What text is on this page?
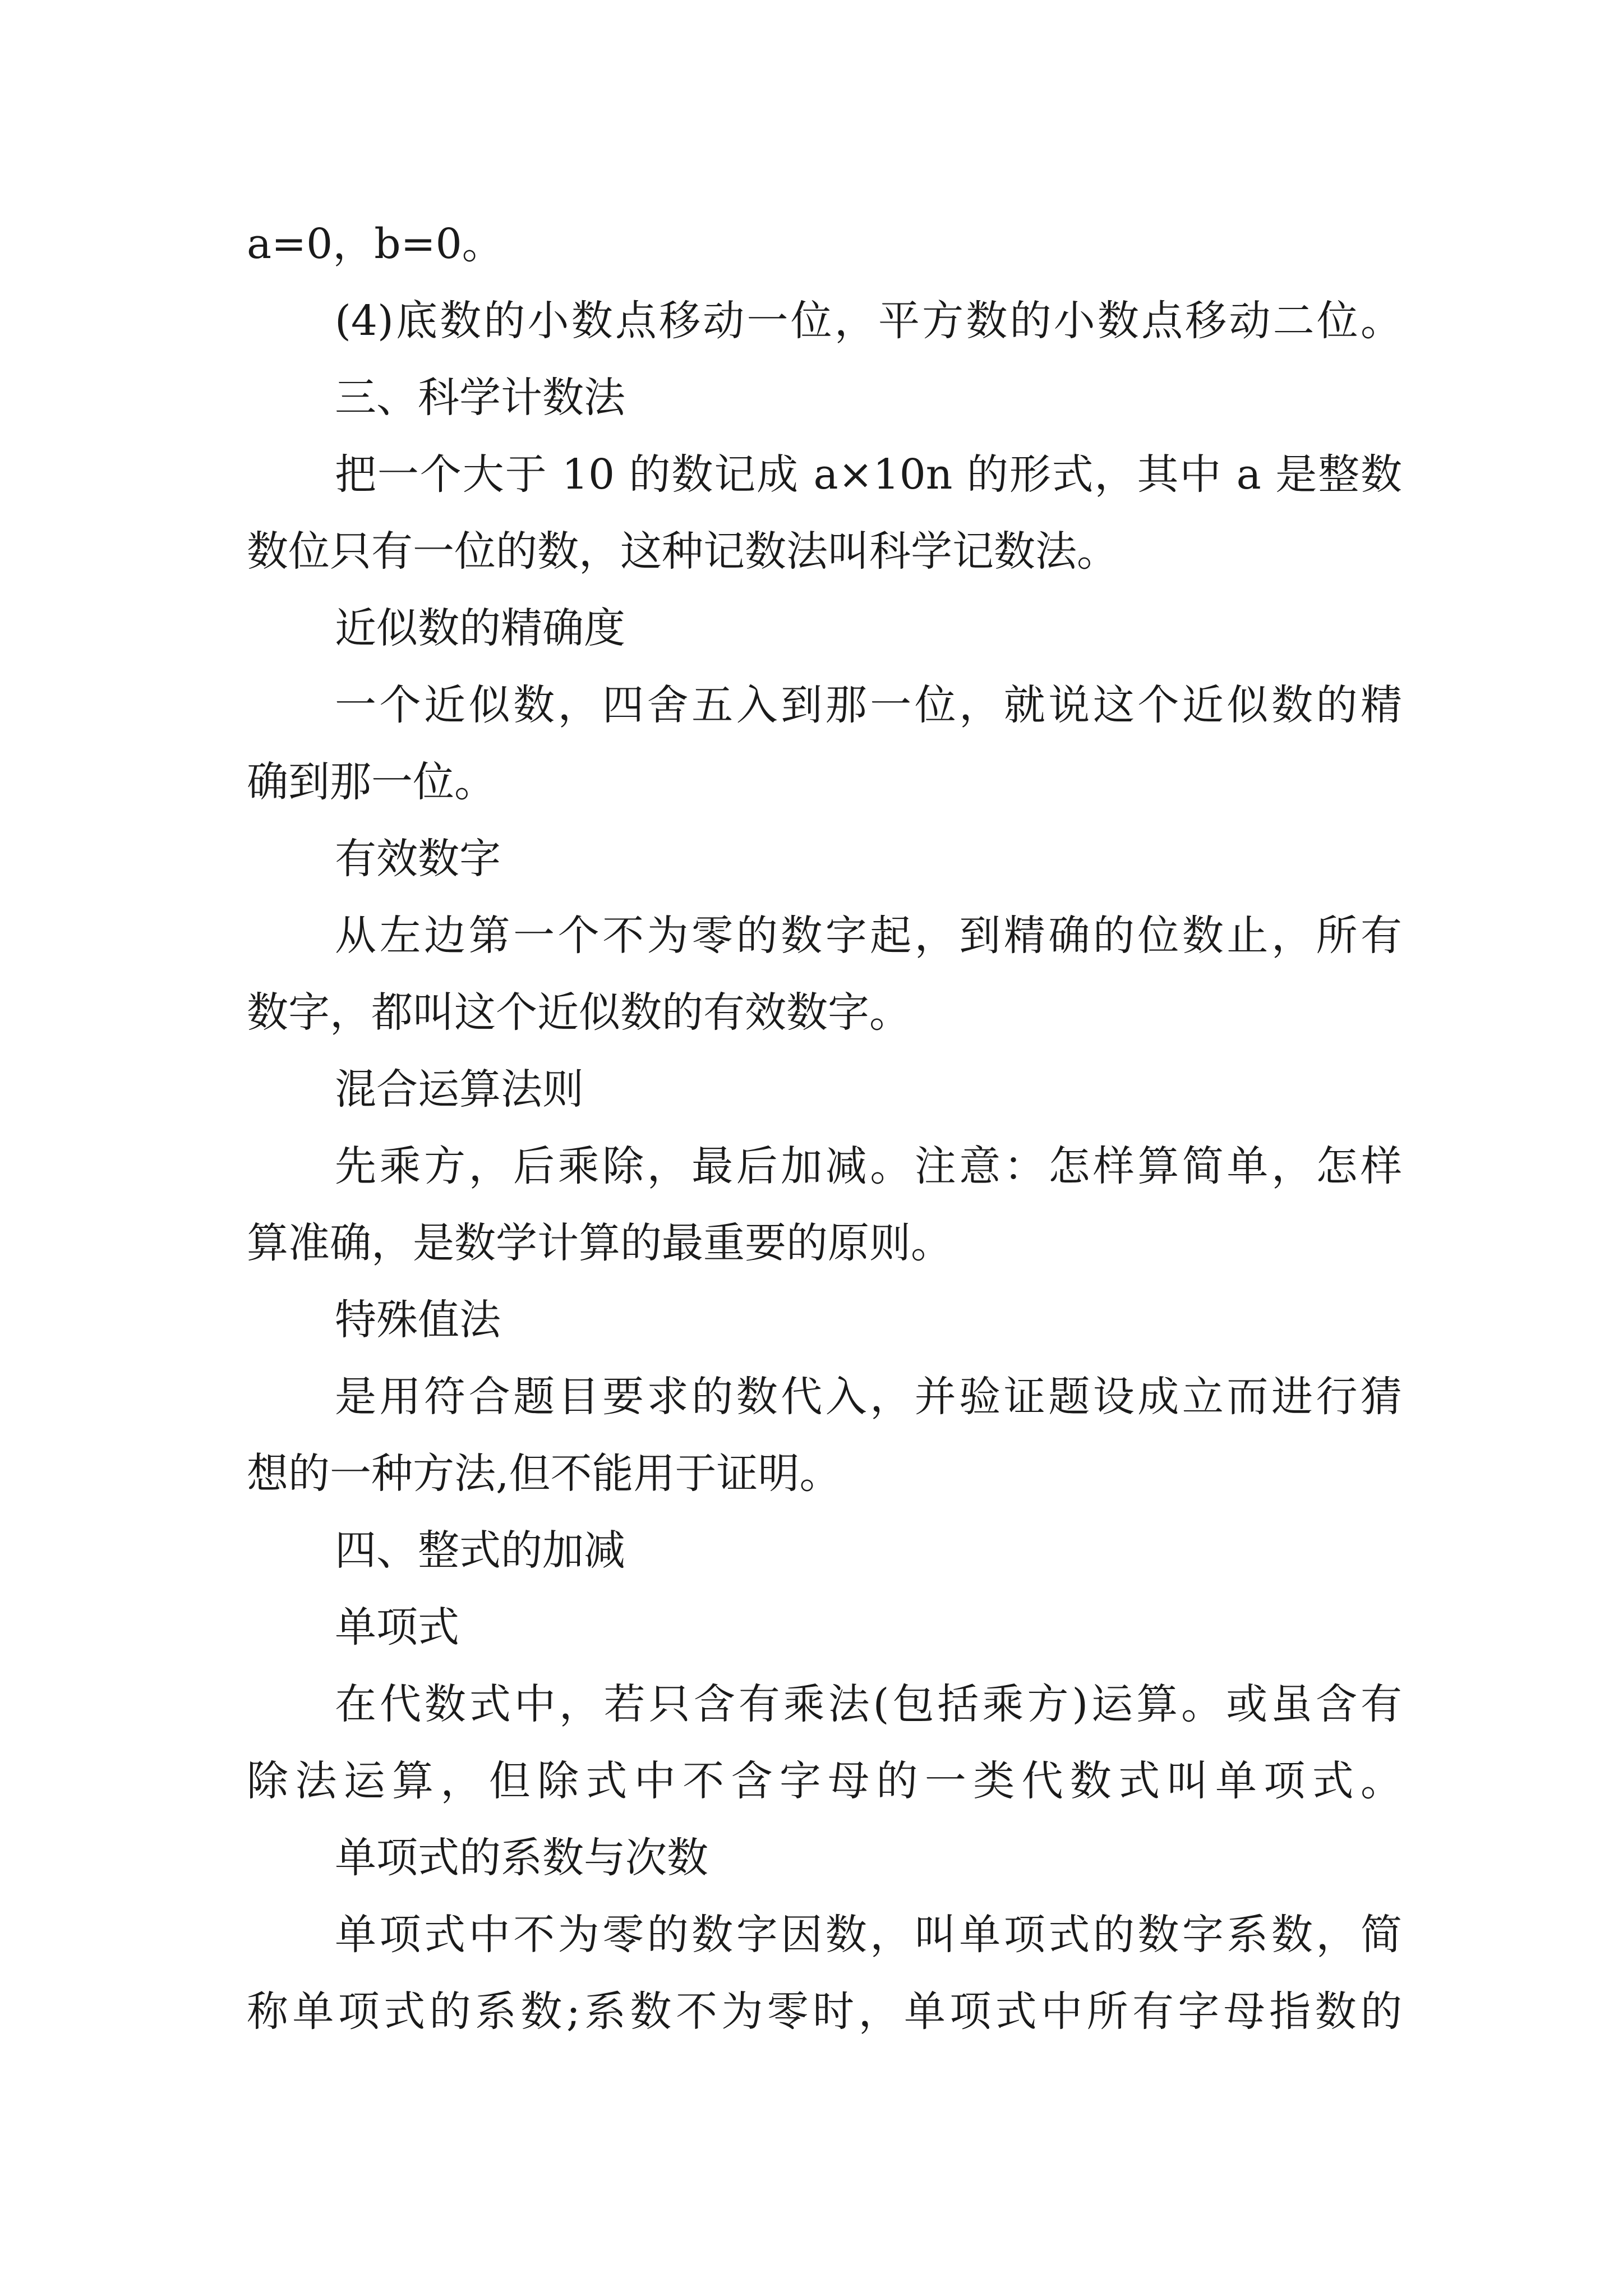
a=0，b=0。
(4)底数的小数点移动一位，平方数的小数点移动二位。
三、科学计数法
把一个大于 10 的数记成 a×10n 的形式，其中 a 是整数
数位只有一位的数，这种记数法叫科学记数法。
近似数的精确度
一个近似数，四舍五入到那一位，就说这个近似数的精
确到那一位。
有效数字
从左边第一个不为零的数字起，到精确的位数止，所有
数字，都叫这个近似数的有效数字。
混合运算法则
先乘方，后乘除，最后加减。注意：怎样算简单，怎样
算准确，是数学计算的最重要的原则。
特殊值法
是用符合题目要求的数代入，并验证题设成立而进行猜
想的一种方法,但不能用于证明。
四、整式的加减
单项式
在代数式中，若只含有乘法(包括乘方)运算。或虽含有
除法运算，但除式中不含字母的一类代数式叫单项式。
单项式的系数与次数
单项式中不为零的数字因数，叫单项式的数字系数，简
称单项式的系数;系数不为零时，单项式中所有字母指数的
